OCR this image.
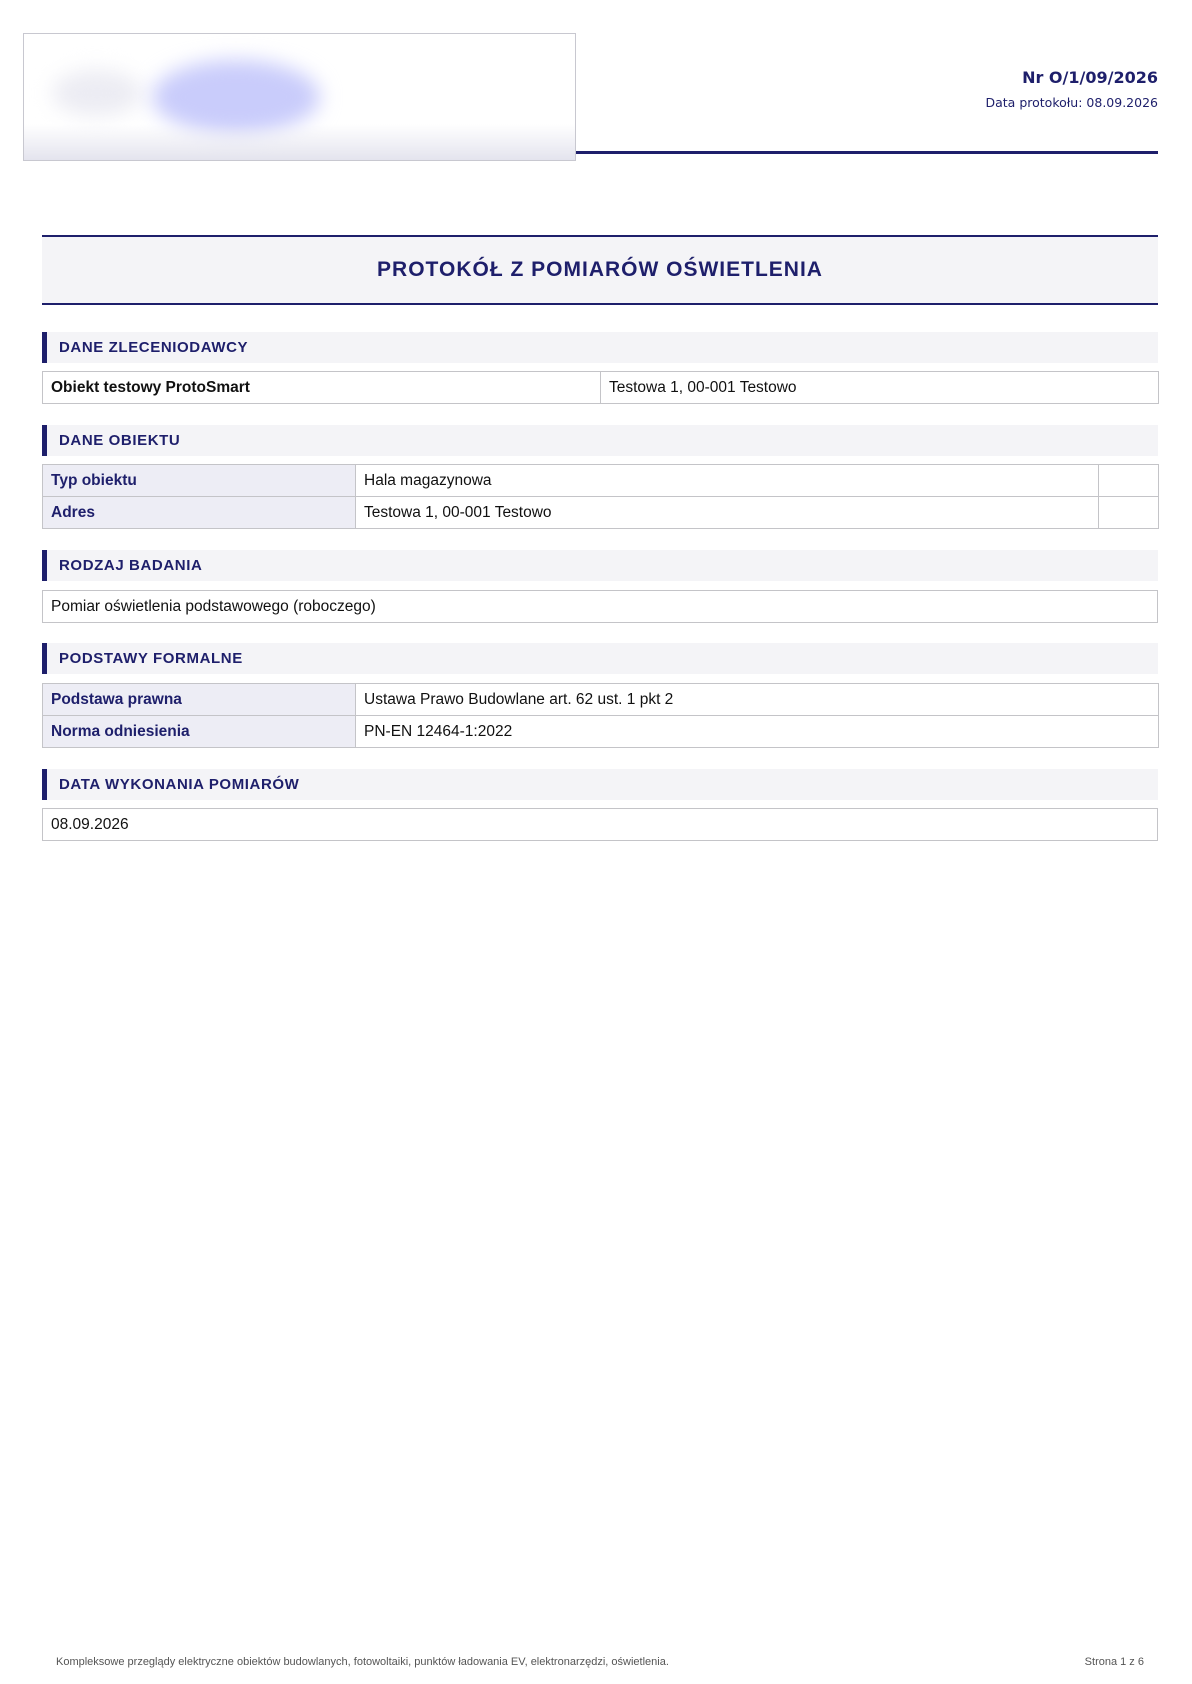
Nr O/1/09/2026
Data protokołu: 08.09.2026
PROTOKÓŁ Z POMIARÓW OŚWIETLENIA
DANE ZLECENIODAWCY
Obiekt testowy ProtoSmart	Testowa 1, 00-001 Testowo
DANE OBIEKTU
Typ obiektu	Hala magazynowa	
Adres	Testowa 1, 00-001 Testowo	
RODZAJ BADANIA
Pomiar oświetlenia podstawowego (roboczego)
PODSTAWY FORMALNE
Podstawa prawna	Ustawa Prawo Budowlane art. 62 ust. 1 pkt 2
Norma odniesienia	PN-EN 12464-1:2022
DATA WYKONANIA POMIARÓW
08.09.2026
Kompleksowe przeglądy elektryczne obiektów budowlanych, fotowoltaiki, punktów ładowania EV, elektronarzędzi, oświetlenia.	Strona 1 z 6
